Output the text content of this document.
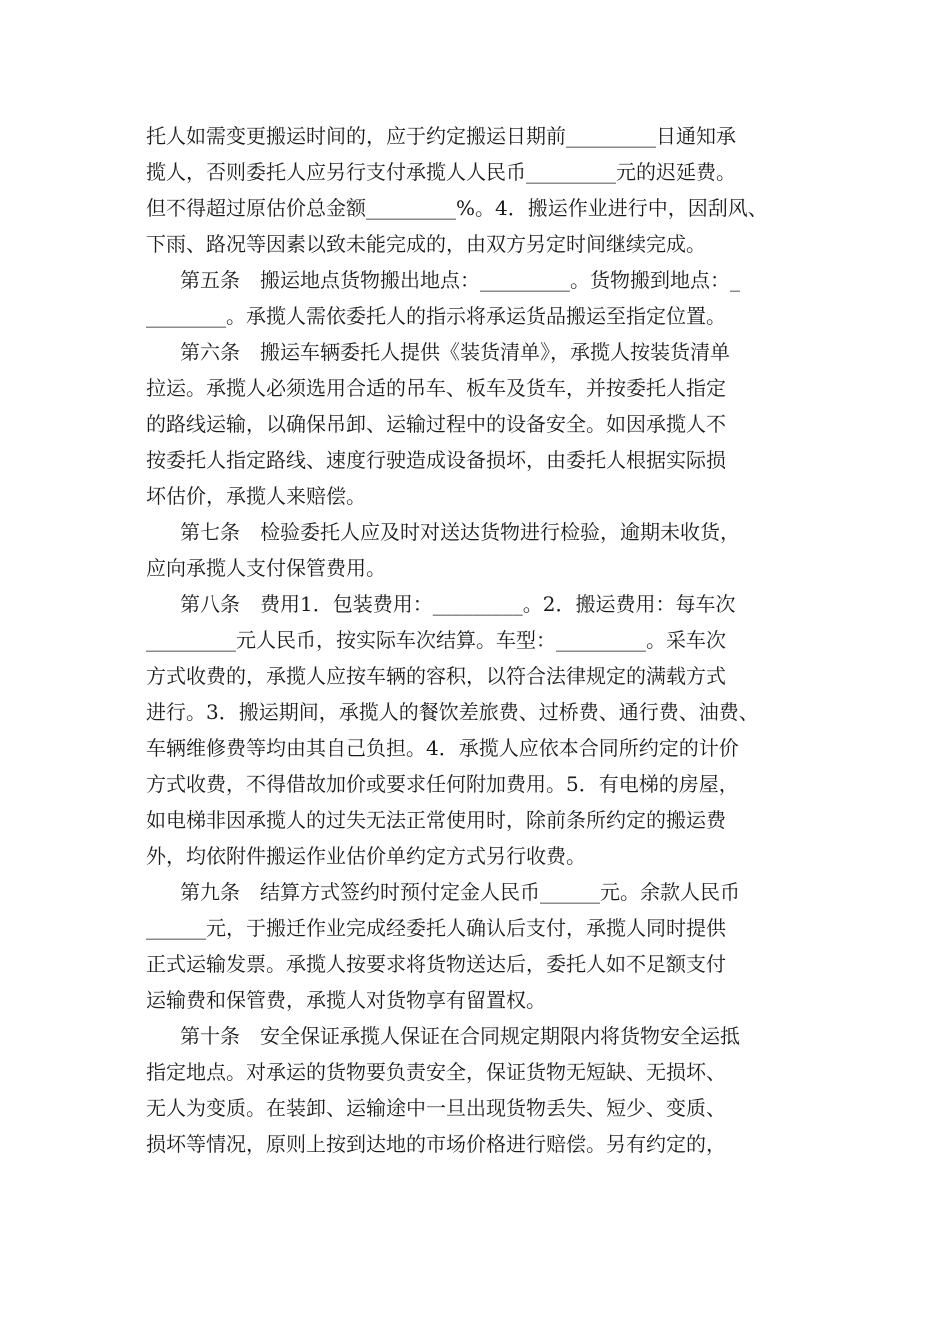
托人如需变更搬运时间的，应于约定搬运日期前_________日通知承
揽人，否则委托人应另行支付承揽人人民币_________元的迟延费。
但不得超过原估价总金额_________%。4．搬运作业进行中，因刮风、
下雨、路况等因素以致未能完成的，由双方另定时间继续完成。
第五条　搬运地点货物搬出地点：_________。货物搬到地点：_
________。承揽人需依委托人的指示将承运货品搬运至指定位置。
第六条　搬运车辆委托人提供《装货清单》，承揽人按装货清单
拉运。承揽人必须选用合适的吊车、板车及货车，并按委托人指定
的路线运输，以确保吊卸、运输过程中的设备安全。如因承揽人不
按委托人指定路线、速度行驶造成设备损坏，由委托人根据实际损
坏估价，承揽人来赔偿。
第七条　检验委托人应及时对送达货物进行检验，逾期未收货，
应向承揽人支付保管费用。
第八条　费用1．包装费用：_________。2．搬运费用：每车次
_________元人民币，按实际车次结算。车型：_________。采车次
方式收费的，承揽人应按车辆的容积，以符合法律规定的满载方式
进行。3．搬运期间，承揽人的餐饮差旅费、过桥费、通行费、油费、
车辆维修费等均由其自己负担。4．承揽人应依本合同所约定的计价
方式收费，不得借故加价或要求任何附加费用。5．有电梯的房屋，
如电梯非因承揽人的过失无法正常使用时，除前条所约定的搬运费
外，均依附件搬运作业估价单约定方式另行收费。
第九条　结算方式签约时预付定金人民币______元。余款人民币
______元，于搬迁作业完成经委托人确认后支付，承揽人同时提供
正式运输发票。承揽人按要求将货物送达后，委托人如不足额支付
运输费和保管费，承揽人对货物享有留置权。
第十条　安全保证承揽人保证在合同规定期限内将货物安全运抵
指定地点。对承运的货物要负责安全，保证货物无短缺、无损坏、
无人为变质。在装卸、运输途中一旦出现货物丢失、短少、变质、
损坏等情况，原则上按到达地的市场价格进行赔偿。另有约定的，
